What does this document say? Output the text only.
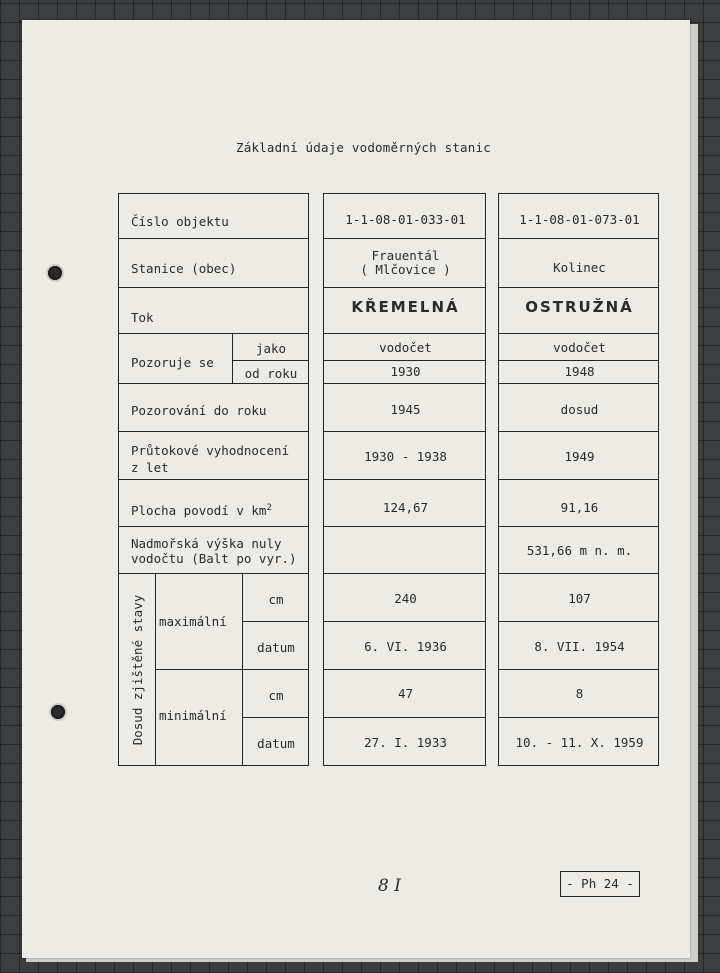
Základní údaje vodoměrných stanic
Číslo objektu
Stanice (obec)
Tok
Pozoruje se
jako
od roku
Pozorování do roku
Průtokové vyhodnocení
z let
Plocha povodí v $km^2$
Nadmořská výška nuly
vodočtu (Balt po vyr.)
Dosud zjištěné stavy maximální
minimální
cm
datum
cm
datum
1-1-08-01-033-01
Frauentál
( Mlčovice )
KŘEMELNÁ
vodočet
1930
1945
1930 - 1938
124,67
240
6. VI. 1936
47
27. I. 1933
1-1-08-01-073-01
Kolinec
OSTRUŽNÁ
vodočet
1948
dosud
1949
91,16
531,66 m n. m.
107
8. VII. 1954
8
10. - 11. X. 1959
8 I	- Ph 24 -
